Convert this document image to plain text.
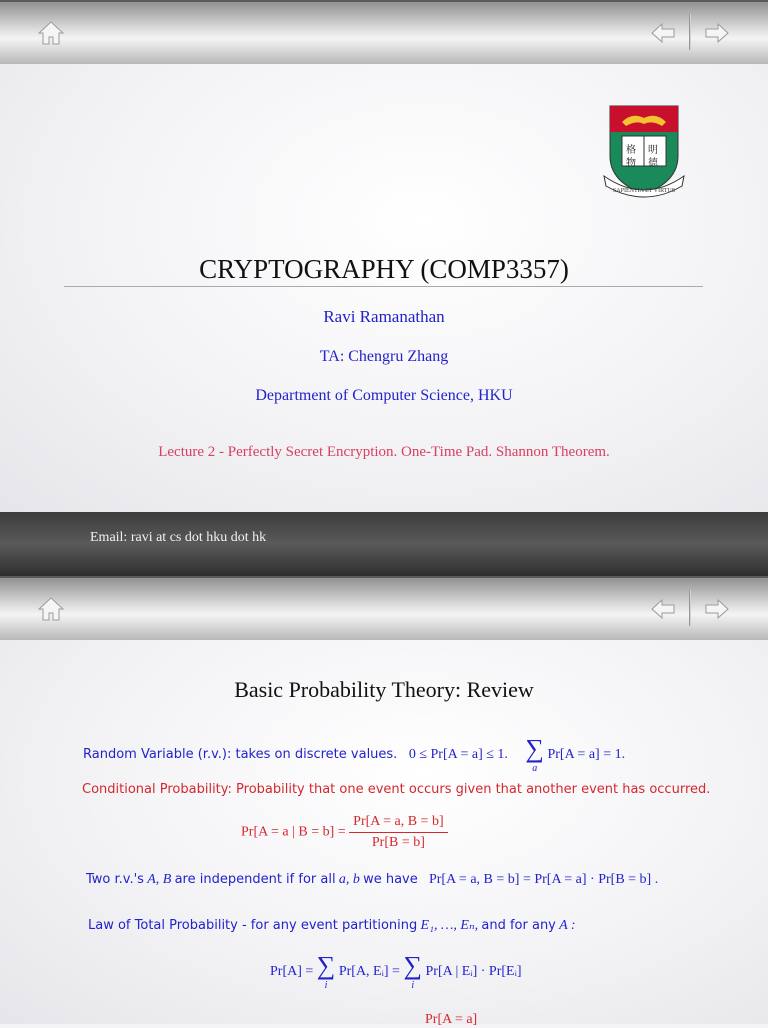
SAPIENTIA ET VIRTUS
格 明
物 德
CRYPTOGRAPHY (COMP3357)
Ravi Ramanathan
TA: Chengru Zhang
Department of Computer Science, HKU
Lecture 2 - Perfectly Secret Encryption. One-Time Pad. Shannon Theorem.
Email: ravi at cs dot hku dot hk
Basic Probability Theory: Review
Random Variable (r.v.): takes on discrete values. 0 ≤ Pr[A = a] ≤ 1. ∑
a
Pr[A = a] = 1.
Conditional Probability: Probability that one event occurs given that another event has occurred.
Pr[A = a | $B = b] = \frac{Pr[A = a, B = b]}{Pr[B = b]}$
Two r.v.'s A, B are independent if for all a, b we have Pr[A = a, B = b] = Pr[A = a] · Pr[B = b] .
Law of Total Probability - for any event partitioning E₁, …, Eₙ, and for any A :
Pr[A] = ∑
i
Pr[A, Eᵢ] = ∑
i
Pr[A | Eᵢ] · Pr[Eᵢ]
Pr[A = a]
